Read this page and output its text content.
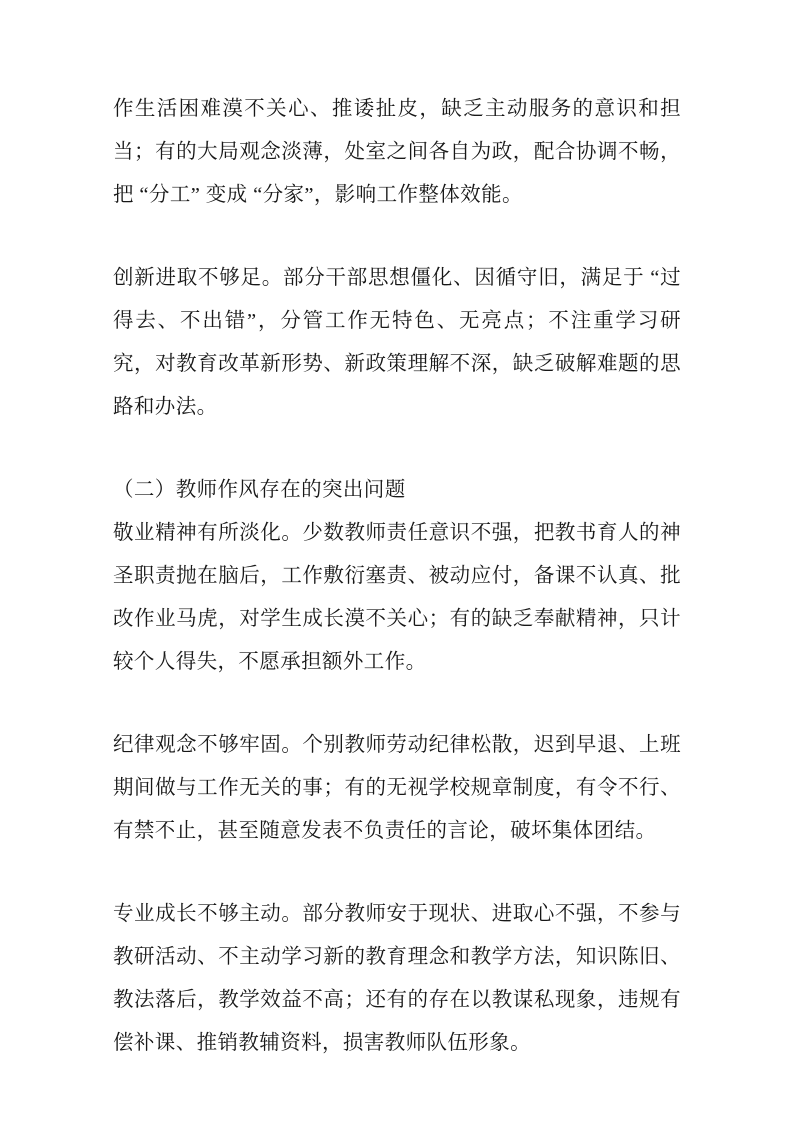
作生活困难漠不关心、推诿扯皮，缺乏主动服务的意识和担当；有的大局观念淡薄，处室之间各自为政，配合协调不畅，把 “分工” 变成 “分家”，影响工作整体效能。

创新进取不够足。部分干部思想僵化、因循守旧，满足于 “过得去、不出错”，分管工作无特色、无亮点；不注重学习研究，对教育改革新形势、新政策理解不深，缺乏破解难题的思路和办法。

（二）教师作风存在的突出问题

敬业精神有所淡化。少数教师责任意识不强，把教书育人的神圣职责抛在脑后，工作敷衍塞责、被动应付，备课不认真、批改作业马虎，对学生成长漠不关心；有的缺乏奉献精神，只计较个人得失，不愿承担额外工作。

纪律观念不够牢固。个别教师劳动纪律松散，迟到早退、上班期间做与工作无关的事；有的无视学校规章制度，有令不行、有禁不止，甚至随意发表不负责任的言论，破坏集体团结。

专业成长不够主动。部分教师安于现状、进取心不强，不参与教研活动、不主动学习新的教育理念和教学方法，知识陈旧、教法落后，教学效益不高；还有的存在以教谋私现象，违规有偿补课、推销教辅资料，损害教师队伍形象。
